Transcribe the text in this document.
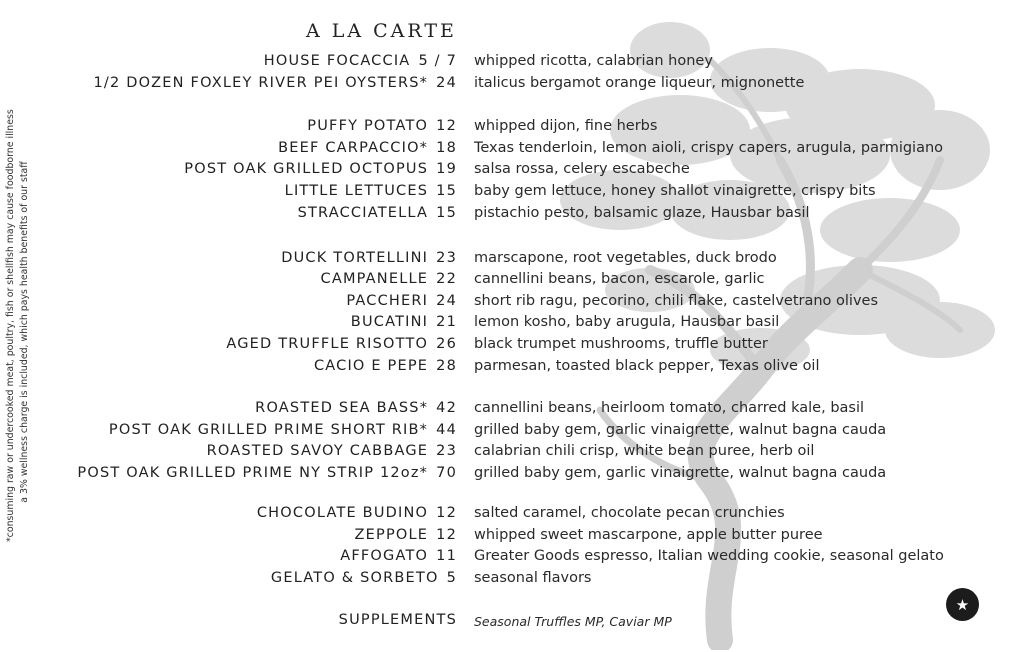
*consuming raw or undercooked meat, poultry, fish or shellfish may cause foodborne illness a 3% wellness charge is included, which pays health benefits of our staff
A LA CARTE
HOUSE FOCACCIA 5 / 7 whipped ricotta, calabrian honey
1/2 DOZEN FOXLEY RIVER PEI OYSTERS* 24 italicus bergamot orange liqueur, mignonette
PUFFY POTATO 12 whipped dijon, fine herbs
BEEF CARPACCIO* 18 Texas tenderloin, lemon aioli, crispy capers, arugula, parmigiano
POST OAK GRILLED OCTOPUS 19 salsa rossa, celery escabeche
LITTLE LETTUCES 15 baby gem lettuce, honey shallot vinaigrette, crispy bits
STRACCIATELLA 15 pistachio pesto, balsamic glaze, Hausbar basil
DUCK TORTELLINI 23 marscapone, root vegetables, duck brodo
CAMPANELLE 22 cannellini beans, bacon, escarole, garlic
PACCHERI 24 short rib ragu, pecorino, chili flake, castelvetrano olives
BUCATINI 21 lemon kosho, baby arugula, Hausbar basil
AGED TRUFFLE RISOTTO 26 black trumpet mushrooms, truffle butter
CACIO E PEPE 28 parmesan, toasted black pepper, Texas olive oil
ROASTED SEA BASS* 42 cannellini beans, heirloom tomato, charred kale, basil
POST OAK GRILLED PRIME SHORT RIB* 44 grilled baby gem, garlic vinaigrette, walnut bagna cauda
ROASTED SAVOY CABBAGE 23 calabrian chili crisp, white bean puree, herb oil
POST OAK GRILLED PRIME NY STRIP 12oz* 70 grilled baby gem, garlic vinaigrette, walnut bagna cauda
CHOCOLATE BUDINO 12 salted caramel, chocolate pecan crunchies
ZEPPOLE 12 whipped sweet mascarpone, apple butter puree
AFFOGATO 11 Greater Goods espresso, Italian wedding cookie, seasonal gelato
GELATO & SORBETO 5 seasonal flavors
SUPPLEMENTS Seasonal Truffles MP, Caviar MP
★
